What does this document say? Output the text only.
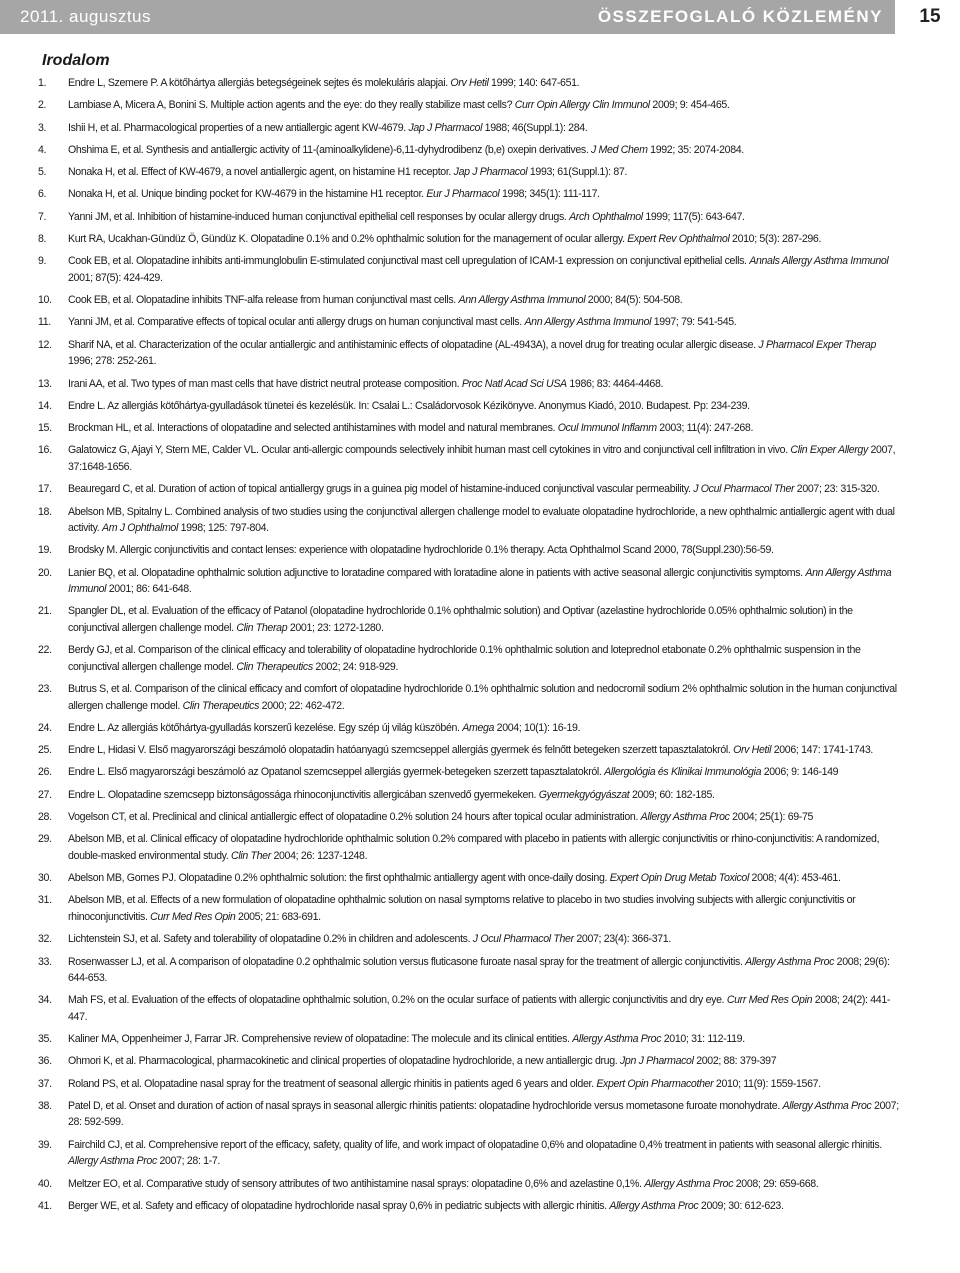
2011. augusztus	ÖSSZEFOGLALÓ KÖZLEMÉNY	15
Irodalom
1.	Endre L, Szemere P. A kötőhártya allergiás betegségeinek sejtes és molekuláris alapjai. Orv Hetil 1999; 140: 647-651.
2.	Lambiase A, Micera A, Bonini S. Multiple action agents and the eye: do they really stabilize mast cells? Curr Opin Allergy Clin Immunol 2009; 9: 454-465.
3.	Ishii H, et al. Pharmacological properties of a new antiallergic agent KW-4679. Jap J Pharmacol 1988; 46(Suppl.1): 284.
4.	Ohshima E, et al. Synthesis and antiallergic activity of 11-(aminoalkylidene)-6,11-dyhydrodibenz (b,e) oxepin derivatives. J Med Chem 1992; 35: 2074-2084.
5.	Nonaka H, et al. Effect of KW-4679, a novel antiallergic agent, on histamine H1 receptor. Jap J Pharmacol 1993; 61(Suppl.1): 87.
6.	Nonaka H, et al. Unique binding pocket for KW-4679 in the histamine H1 receptor. Eur J Pharmacol 1998; 345(1): 111-117.
7.	Yanni JM, et al. Inhibition of histamine-induced human conjunctival epithelial cell responses by ocular allergy drugs. Arch Ophthalmol 1999; 117(5): 643-647.
8.	Kurt RA, Ucakhan-Gündüz Ö, Gündüz K. Olopatadine 0.1% and 0.2% ophthalmic solution for the management of ocular allergy. Expert Rev Ophthalmol 2010; 5(3): 287-296.
9.	Cook EB, et al. Olopatadine inhibits anti-immunglobulin E-stimulated conjunctival mast cell upregulation of ICAM-1 expression on conjunctival epithelial cells. Annals Allergy Asthma Immunol 2001; 87(5): 424-429.
10.	Cook EB, et al. Olopatadine inhibits TNF-alfa release from human conjunctival mast cells. Ann Allergy Asthma Immunol 2000; 84(5): 504-508.
11.	Yanni JM, et al. Comparative effects of topical ocular anti allergy drugs on human conjunctival mast cells. Ann Allergy Asthma Immunol 1997; 79: 541-545.
12.	Sharif NA, et al. Characterization of the ocular antiallergic and antihistaminic effects of olopatadine (AL-4943A), a novel drug for treating ocular allergic disease. J Pharmacol Exper Therap 1996; 278: 252-261.
13.	Irani AA, et al. Two types of man mast cells that have district neutral protease composition. Proc Natl Acad Sci USA 1986; 83: 4464-4468.
14.	Endre L. Az allergiás kötőhártya-gyulladások tünetei és kezelésük. In: Csalai L.: Családorvosok Kézikönyve. Anonymus Kiadó, 2010. Budapest. Pp: 234-239.
15.	Brockman HL, et al. Interactions of olopatadine and selected antihistamines with model and natural membranes. Ocul Immunol Inflamm 2003; 11(4): 247-268.
16.	Galatowicz G, Ajayi Y, Stern ME, Calder VL. Ocular anti-allergic compounds selectively inhibit human mast cell cytokines in vitro and conjunctival cell infiltration in vivo. Clin Exper Allergy 2007, 37:1648-1656.
17.	Beauregard C, et al. Duration of action of topical antiallergy grugs in a guinea pig model of histamine-induced conjunctival vascular permeability. J Ocul Pharmacol Ther 2007; 23: 315-320.
18.	Abelson MB, Spitalny L. Combined analysis of two studies using the conjunctival allergen challenge model to evaluate olopatadine hydrochloride, a new ophthalmic antiallergic agent with dual activity. Am J Ophthalmol 1998; 125: 797-804.
19.	Brodsky M. Allergic conjunctivitis and contact lenses: experience with olopatadine hydrochloride 0.1% therapy. Acta Ophthalmol Scand 2000, 78(Suppl.230):56-59.
20.	Lanier BQ, et al. Olopatadine ophthalmic solution adjunctive to loratadine compared with loratadine alone in patients with active seasonal allergic conjunctivitis symptoms. Ann Allergy Asthma Immunol 2001; 86: 641-648.
21.	Spangler DL, et al. Evaluation of the efficacy of Patanol (olopatadine hydrochloride 0.1% ophthalmic solution) and Optivar (azelastine hydrochloride 0.05% ophthalmic solution) in the conjunctival allergen challenge model. Clin Therap 2001; 23: 1272-1280.
22.	Berdy GJ, et al. Comparison of the clinical efficacy and tolerability of olopatadine hydrochloride 0.1% ophthalmic solution and loteprednol etabonate 0.2% ophthalmic suspension in the conjunctival allergen challenge model. Clin Therapeutics 2002; 24: 918-929.
23.	Butrus S, et al. Comparison of the clinical efficacy and comfort of olopatadine hydrochloride 0.1% ophthalmic solution and nedocromil sodium 2% ophthalmic solution in the human conjunctival allergen challenge model. Clin Therapeutics 2000; 22: 462-472.
24.	Endre L. Az allergiás kötőhártya-gyulladás korszerű kezelése. Egy szép új világ küszöbén. Amega 2004; 10(1): 16-19.
25.	Endre L, Hidasi V. Első magyarországi beszámoló olopatadin hatóanyagú szemcseppel allergiás gyermek és felnőtt betegeken szerzett tapasztalatokról. Orv Hetil 2006; 147: 1741-1743.
26.	Endre L. Első magyarországi beszámoló az Opatanol szemcseppel allergiás gyermek-betegeken szerzett tapasztalatokról. Allergológia és Klinikai Immunológia 2006; 9: 146-149
27.	Endre L. Olopatadine szemcsepp biztonságossága rhinoconjunctivitis allergicában szenvedő gyermekeken. Gyermekgyógyászat 2009; 60: 182-185.
28.	Vogelson CT, et al. Preclinical and clinical antiallergic effect of olopatadine 0.2% solution 24 hours after topical ocular administration. Allergy Asthma Proc 2004; 25(1): 69-75
29.	Abelson MB, et al. Clinical efficacy of olopatadine hydrochloride ophthalmic solution 0.2% compared with placebo in patients with allergic conjunctivitis or rhino-conjunctivitis: A randomized, double-masked environmental study. Clin Ther 2004; 26: 1237-1248.
30.	Abelson MB, Gomes PJ. Olopatadine 0.2% ophthalmic solution: the first ophthalmic antiallergy agent with once-daily dosing. Expert Opin Drug Metab Toxicol 2008; 4(4): 453-461.
31.	Abelson MB, et al. Effects of a new formulation of olopatadine ophthalmic solution on nasal symptoms relative to placebo in two studies involving subjects with allergic conjunctivitis or rhinoconjunctivitis. Curr Med Res Opin 2005; 21: 683-691.
32.	Lichtenstein SJ, et al. Safety and tolerability of olopatadine 0.2% in children and adolescents. J Ocul Pharmacol Ther 2007; 23(4): 366-371.
33.	Rosenwasser LJ, et al. A comparison of olopatadine 0.2 ophthalmic solution versus fluticasone furoate nasal spray for the treatment of allergic conjunctivitis. Allergy Asthma Proc 2008; 29(6): 644-653.
34.	Mah FS, et al. Evaluation of the effects of olopatadine ophthalmic solution, 0.2% on the ocular surface of patients with allergic conjunctivitis and dry eye. Curr Med Res Opin 2008; 24(2): 441-447.
35.	Kaliner MA, Oppenheimer J, Farrar JR. Comprehensive review of olopatadine: The molecule and its clinical entities. Allergy Asthma Proc 2010; 31: 112-119.
36.	Ohmori K, et al. Pharmacological, pharmacokinetic and clinical properties of olopatadine hydrochloride, a new antiallergic drug. Jpn J Pharmacol 2002; 88: 379-397
37.	Roland PS, et al. Olopatadine nasal spray for the treatment of seasonal allergic rhinitis in patients aged 6 years and older. Expert Opin Pharmacother 2010; 11(9): 1559-1567.
38.	Patel D, et al. Onset and duration of action of nasal sprays in seasonal allergic rhinitis patients: olopatadine hydrochloride versus mometasone furoate monohydrate. Allergy Asthma Proc 2007; 28: 592-599.
39.	Fairchild CJ, et al. Comprehensive report of the efficacy, safety, quality of life, and work impact of olopatadine 0,6% and olopatadine 0,4% treatment in patients with seasonal allergic rhinitis. Allergy Asthma Proc 2007; 28: 1-7.
40.	Meltzer EO, et al. Comparative study of sensory attributes of two antihistamine nasal sprays: olopatadine 0,6% and azelastine 0,1%. Allergy Asthma Proc 2008; 29: 659-668.
41.	Berger WE, et al. Safety and efficacy of olopatadine hydrochloride nasal spray 0,6% in pediatric subjects with allergic rhinitis. Allergy Asthma Proc 2009; 30: 612-623.
